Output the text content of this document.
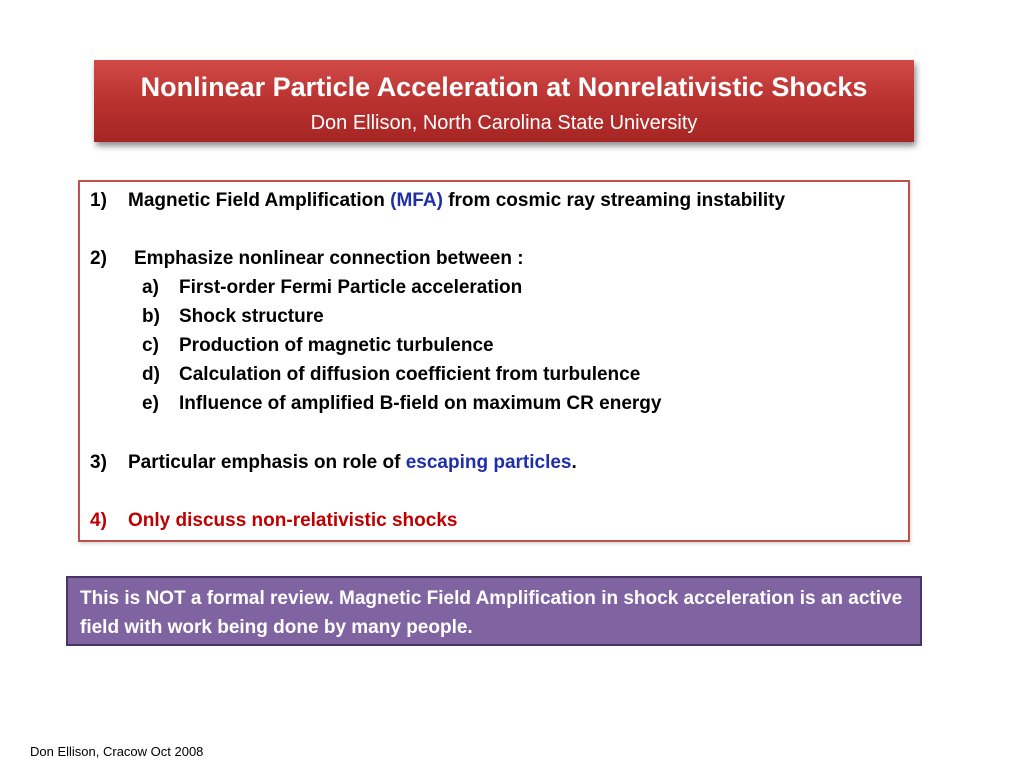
Nonlinear Particle Acceleration at Nonrelativistic Shocks
Don Ellison, North Carolina State University
1)	Magnetic Field Amplification (MFA) from cosmic ray streaming instability
2)	Emphasize nonlinear connection between :
a)	First-order Fermi Particle acceleration
b)	Shock structure
c)	Production of magnetic turbulence
d)	Calculation of diffusion coefficient from turbulence
e)	Influence of amplified B-field on maximum CR energy
3)	Particular emphasis on role of escaping particles.
4)	Only discuss non-relativistic shocks
This is NOT a formal review. Magnetic Field Amplification in shock acceleration is an active field with work being done by many people.
Don Ellison, Cracow Oct 2008
